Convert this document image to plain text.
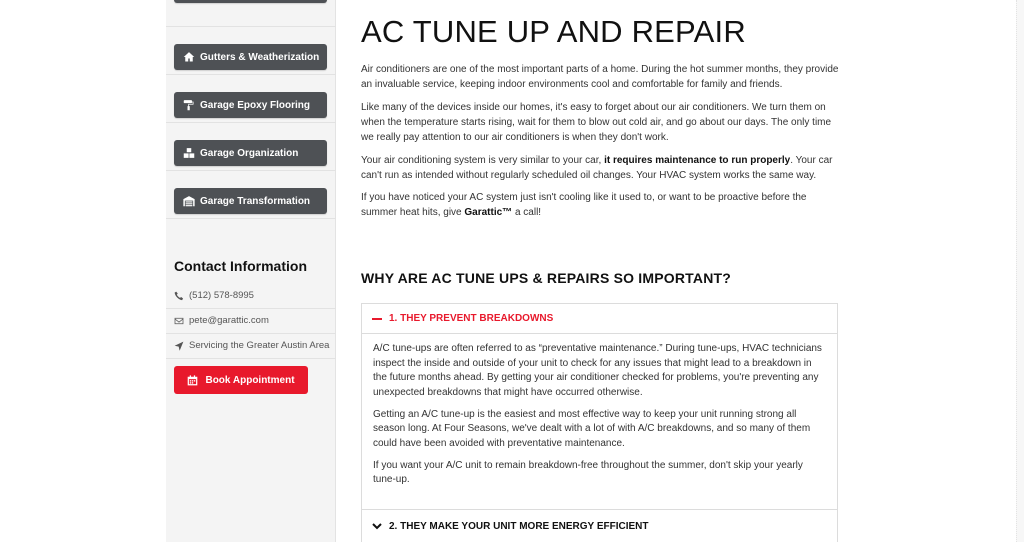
Gutters & Weatherization
Garage Epoxy Flooring
Garage Organization
Garage Transformation
Contact Information
(512) 578-8995
pete@garattic.com
Servicing the Greater Austin Area
Book Appointment
AC TUNE UP AND REPAIR

Air conditioners are one of the most important parts of a home. During the hot summer months, they provide an invaluable service, keeping indoor environments cool and comfortable for family and friends.

Like many of the devices inside our homes, it's easy to forget about our air conditioners. We turn them on when the temperature starts rising, wait for them to blow out cold air, and go about our days. The only time we really pay attention to our air conditioners is when they don't work.

Your air conditioning system is very similar to your car, it requires maintenance to run properly. Your car can't run as intended without regularly scheduled oil changes. Your HVAC system works the same way.

If you have noticed your AC system just isn't cooling like it used to, or want to be proactive before the summer heat hits, give Garattic™ a call!

WHY ARE AC TUNE UPS & REPAIRS SO IMPORTANT?
1. THEY PREVENT BREAKDOWNS

A/C tune-ups are often referred to as “preventative maintenance.” During tune-ups, HVAC technicians inspect the inside and outside of your unit to check for any issues that might lead to a breakdown in the future months ahead. By getting your air conditioner checked for problems, you're preventing any unexpected breakdowns that might have occurred otherwise.

Getting an A/C tune-up is the easiest and most effective way to keep your unit running strong all season long. At Four Seasons, we've dealt with a lot of with A/C breakdowns, and so many of them could have been avoided with preventative maintenance.

If you want your A/C unit to remain breakdown-free throughout the summer, don't skip your yearly tune-up.

2. THEY MAKE YOUR UNIT MORE ENERGY EFFICIENT
